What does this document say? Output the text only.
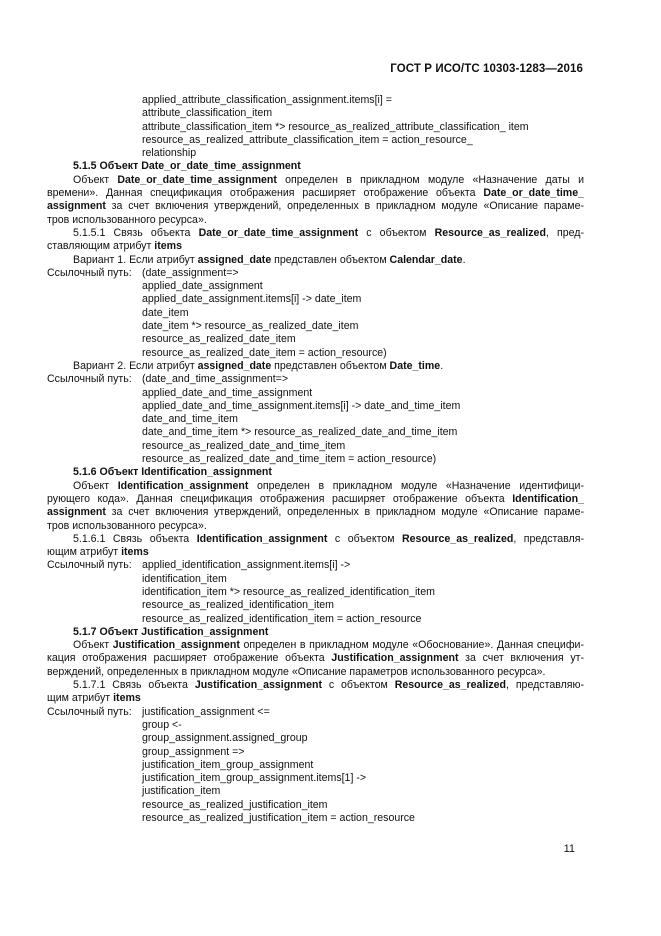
ГОСТ Р ИСО/ТС 10303-1283—2016
applied_attribute_classification_assignment.items[i] =
attribute_classification_item
attribute_classification_item *> resource_as_realized_attribute_classification_ item
resource_as_realized_attribute_classification_item = action_resource_
relationship
5.1.5 Объект Date_or_date_time_assignment
Объект Date_or_date_time_assignment определен в прикладном модуле «Назначение даты и
времени». Данная спецификация отображения расширяет отображение объекта Date_or_date_time_
assignment за счет включения утверждений, определенных в прикладном модуле «Описание параме-
тров использованного ресурса».
5.1.5.1 Связь объекта Date_or_date_time_assignment с объектом Resource_as_realized, пред-
ставляющим атрибут items
Вариант 1. Если атрибут assigned_date представлен объектом Calendar_date.
Ссылочный путь: (date_assignment=>
applied_date_assignment
applied_date_assignment.items[i] -> date_item
date_item
date_item *> resource_as_realized_date_item
resource_as_realized_date_item
resource_as_realized_date_item = action_resource)
Вариант 2. Если атрибут assigned_date представлен объектом Date_time.
Ссылочный путь: (date_and_time_assignment=>
applied_date_and_time_assignment
applied_date_and_time_assignment.items[i] -> date_and_time_item
date_and_time_item
date_and_time_item *> resource_as_realized_date_and_time_item
resource_as_realized_date_and_time_item
resource_as_realized_date_and_time_item = action_resource)
5.1.6 Объект Identification_assignment
Объект Identification_assignment определен в прикладном модуле «Назначение идентифици-
рующего кода». Данная спецификация отображения расширяет отображение объекта Identification_
assignment за счет включения утверждений, определенных в прикладном модуле «Описание параме-
тров использованного ресурса».
5.1.6.1 Связь объекта Identification_assignment с объектом Resource_as_realized, представля-
ющим атрибут items
Ссылочный путь: applied_identification_assignment.items[i] ->
identification_item
identification_item *> resource_as_realized_identification_item
resource_as_realized_identification_item
resource_as_realized_identification_item = action_resource
5.1.7 Объект Justification_assignment
Объект Justification_assignment определен в прикладном модуле «Обоснование». Данная специфи-
кация отображения расширяет отображение объекта Justification_assignment за счет включения ут-
верждений, определенных в прикладном модуле «Описание параметров использованного ресурса».
5.1.7.1 Связь объекта Justification_assignment с объектом Resource_as_realized, представляю-
щим атрибут items
Ссылочный путь: justification_assignment <=
group <-
group_assignment.assigned_group
group_assignment =>
justification_item_group_assignment
justification_item_group_assignment.items[1] ->
justification_item
resource_as_realized_justification_item
resource_as_realized_justification_item = action_resource
11
